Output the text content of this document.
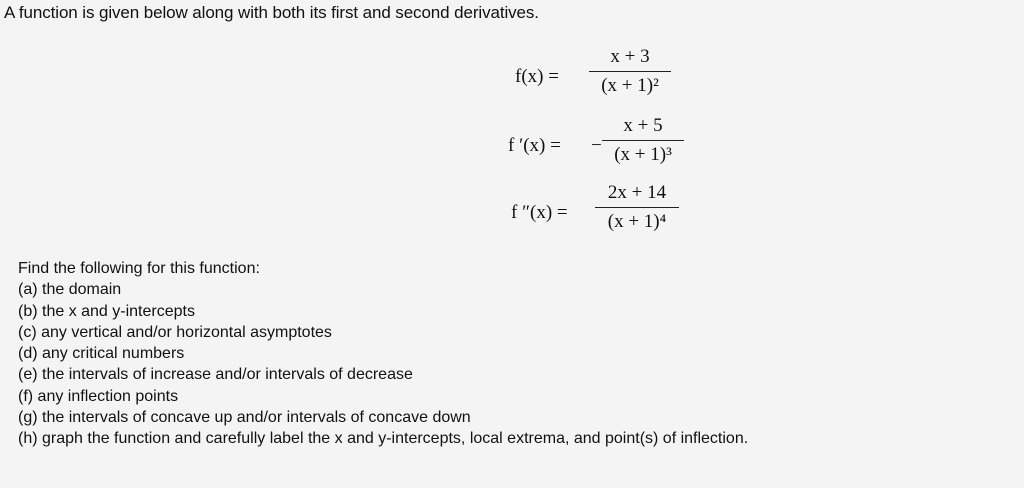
A function is given below along with both its first and second derivatives.
f(x) =
x + 3
(x + 1)²
f ′(x) = −
x + 5
(x + 1)³
f ″(x) =
2x + 14
(x + 1)⁴
Find the following for this function:
(a) the domain
(b) the x and y-intercepts
(c) any vertical and/or horizontal asymptotes
(d) any critical numbers
(e) the intervals of increase and/or intervals of decrease
(f) any inflection points
(g) the intervals of concave up and/or intervals of concave down
(h) graph the function and carefully label the x and y-intercepts, local extrema, and point(s) of inflection.
